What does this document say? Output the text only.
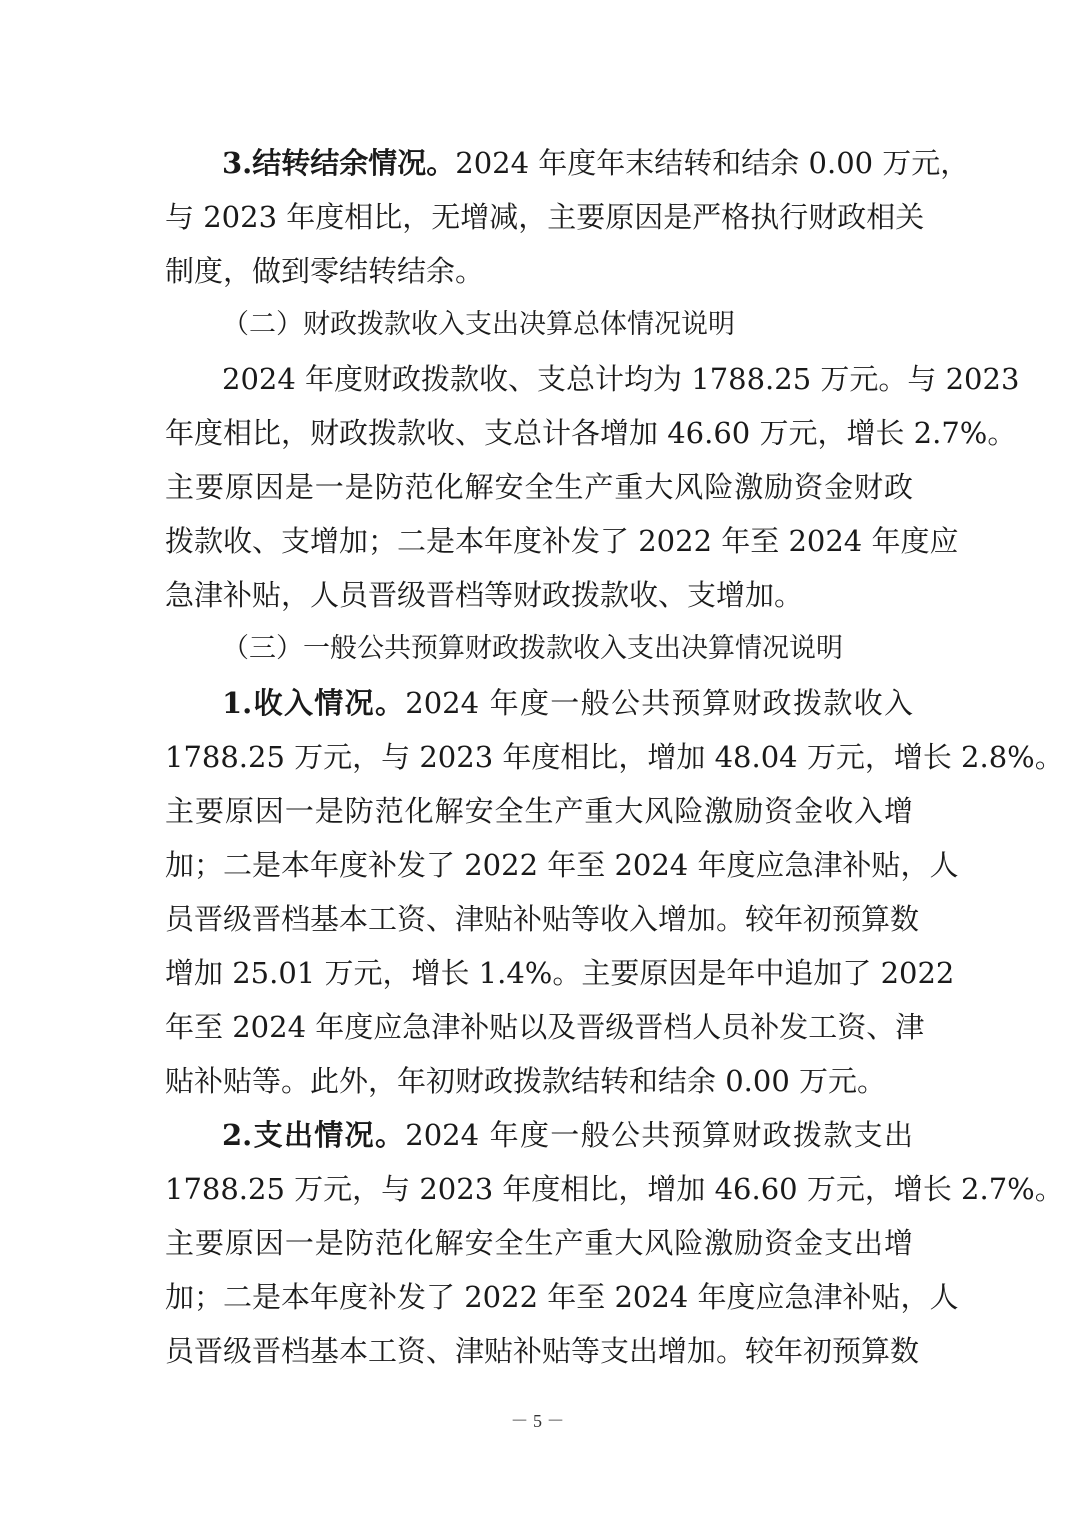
3.结转结余情况。2024 年度年末结转和结余 0.00 万元，
与 2023 年度相比，无增减，主要原因是严格执行财政相关
制度，做到零结转结余。
（二）财政拨款收入支出决算总体情况说明
2024 年度财政拨款收、支总计均为 1788.25 万元。与 2023
年度相比，财政拨款收、支总计各增加 46.60 万元，增长 2.7%。
主要原因是一是防范化解安全生产重大风险激励资金财政
拨款收、支增加；二是本年度补发了 2022 年至 2024 年度应
急津补贴，人员晋级晋档等财政拨款收、支增加。
（三）一般公共预算财政拨款收入支出决算情况说明
1.收入情况。2024 年度一般公共预算财政拨款收入
1788.25 万元，与 2023 年度相比，增加 48.04 万元，增长 2.8%。
主要原因一是防范化解安全生产重大风险激励资金收入增
加；二是本年度补发了 2022 年至 2024 年度应急津补贴，人
员晋级晋档基本工资、津贴补贴等收入增加。较年初预算数
增加 25.01 万元，增长 1.4%。主要原因是年中追加了 2022
年至 2024 年度应急津补贴以及晋级晋档人员补发工资、津
贴补贴等。此外，年初财政拨款结转和结余 0.00 万元。
2.支出情况。2024 年度一般公共预算财政拨款支出
1788.25 万元，与 2023 年度相比，增加 46.60 万元，增长 2.7%。
主要原因一是防范化解安全生产重大风险激励资金支出增
加；二是本年度补发了 2022 年至 2024 年度应急津补贴，人
员晋级晋档基本工资、津贴补贴等支出增加。较年初预算数
－ 5 －
